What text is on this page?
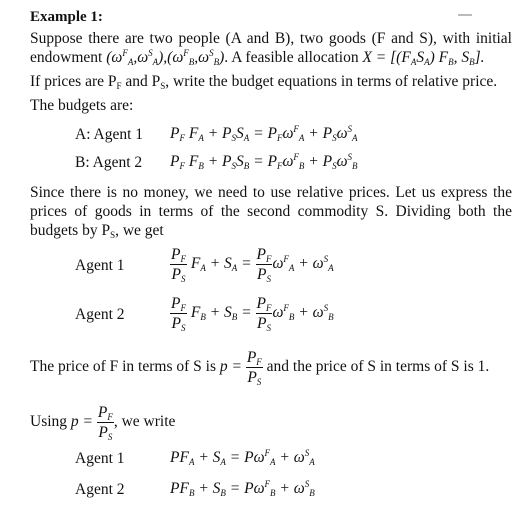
Example 1:
Suppose there are two people (A and B), two goods (F and S), with initial
endowment $(\omega^F_A,\omega^S_A),(\omega^F_B,\omega^S_B)$. A feasible allocation $X = [(F_AS_A)$ $F_B$, $S_B$].
If prices are $P_F$ and $P_S$, write the budget equations in terms of relative price.
The budgets are:
A: Agent 1 $P_F$ $F_A + P_SS_A = P_F\omega^F_A + P_S\omega^S_A$
B: Agent 2 $P_F$ $F_B + P_SS_B = P_F\omega^F_B + P_S\omega^S_B$
Since there is no money, we need to use relative prices. Let us express the
prices of goods in terms of the second commodity S. Dividing both the
budgets by $P_S$, we get
Agent 1	$\frac{P_F}{P_S} F_A + S_A = \frac{P_F}{P_S} \omega^F_A + \omega^S_A$
Agent 2	$\frac{P_F}{P_S} F_B + S_B = \frac{P_F}{P_S} \omega^F_B + \omega^S_B$
The price of F in terms of S is $p = \frac{P_F}{P_S}$ and the price of S in terms of S is 1.
Using $p = \frac{P_F}{P_S}$ , we write
Agent 1	$PF_A + S_A = P\omega^F_A + \omega^S_A$
Agent 2	$PF_B + S_B = P\omega^F_B + \omega^S_B$
